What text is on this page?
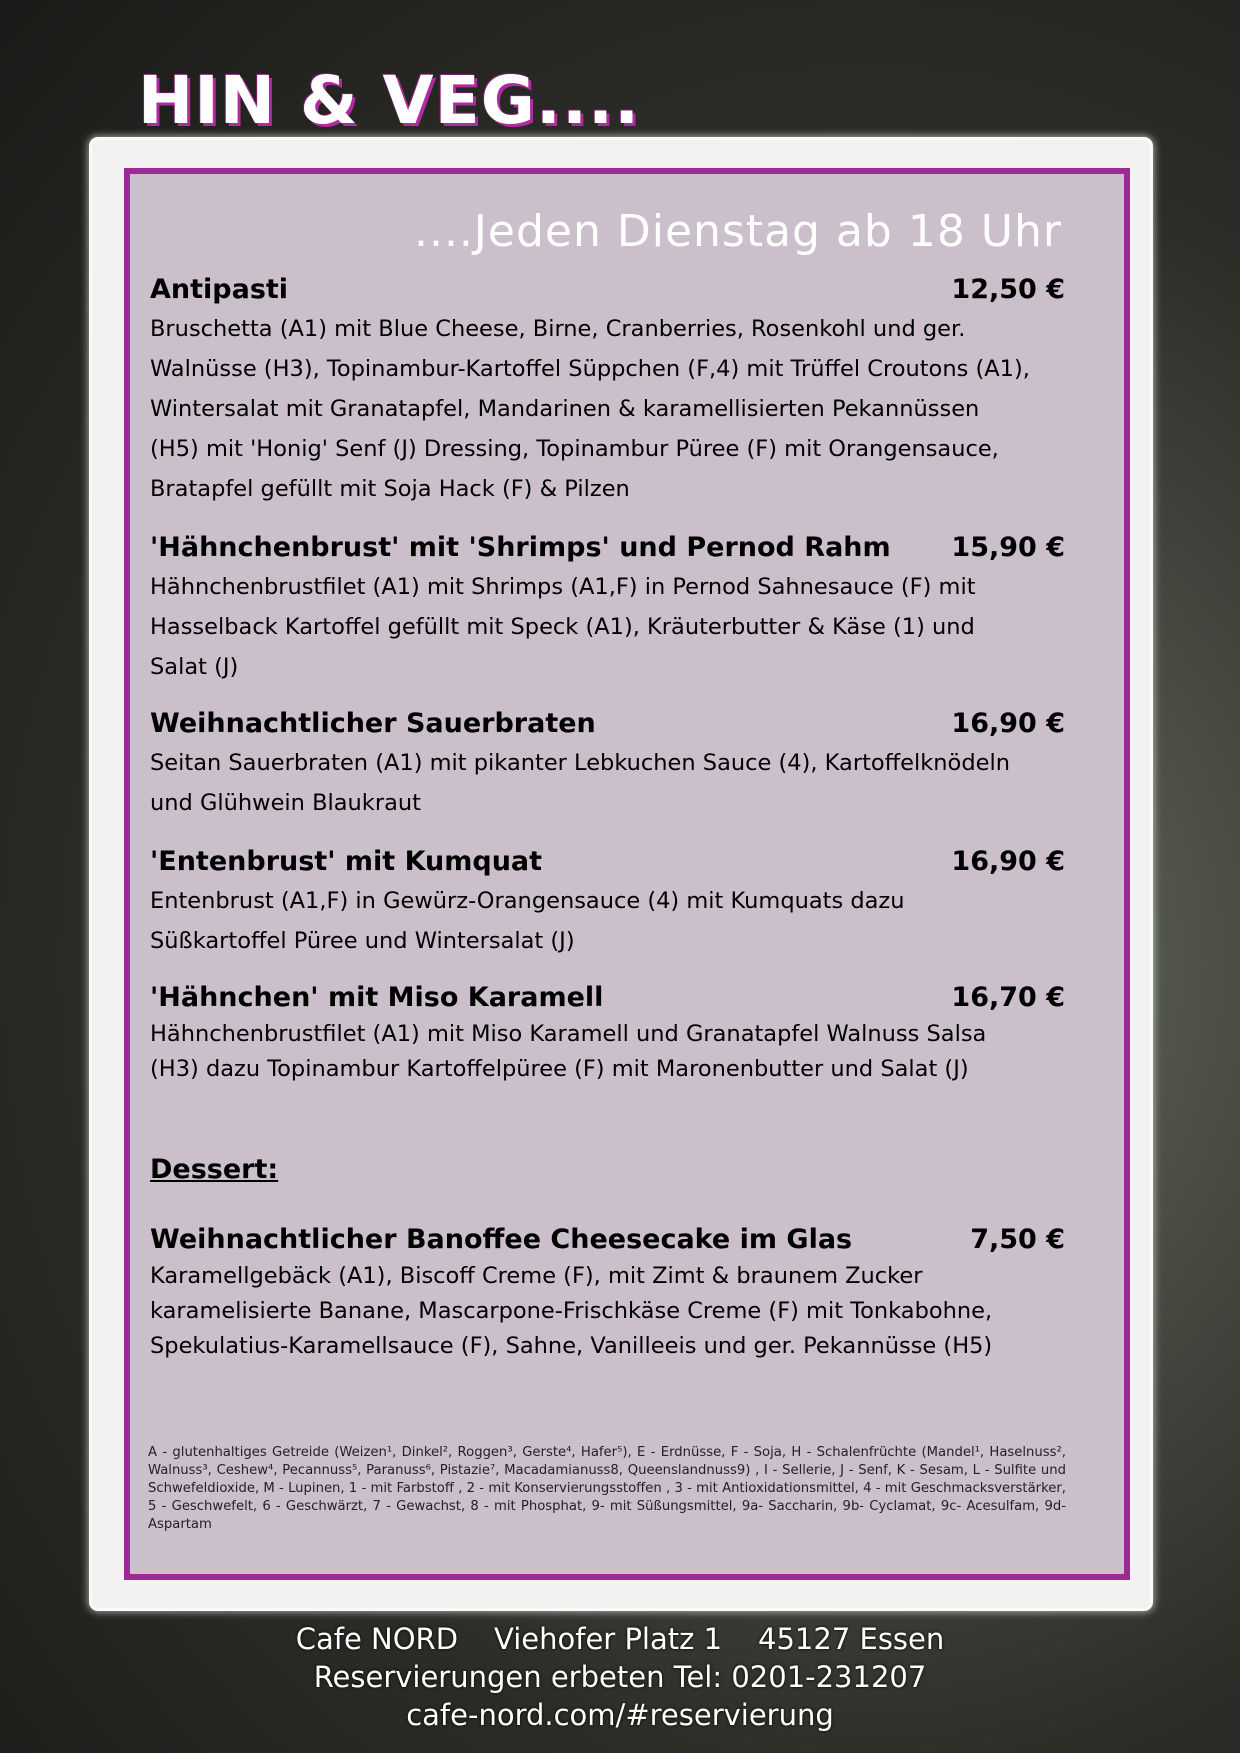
HIN & VEG....
....Jeden Dienstag ab 18 Uhr
Antipasti	12,50 €
Bruschetta (A1) mit Blue Cheese, Birne, Cranberries, Rosenkohl und ger. Walnüsse (H3), Topinambur-Kartoffel Süppchen (F,4) mit Trüffel Croutons (A1), Wintersalat mit Granatapfel, Mandarinen & karamellisierten Pekannüssen (H5) mit 'Honig' Senf (J) Dressing, Topinambur Püree (F) mit Orangensauce, Bratapfel gefüllt mit Soja Hack (F) & Pilzen
'Hähnchenbrust' mit 'Shrimps' und Pernod Rahm 15,90 €
Hähnchenbrustfilet (A1) mit Shrimps (A1,F) in Pernod Sahnesauce (F) mit Hasselback Kartoffel gefüllt mit Speck (A1), Kräuterbutter & Käse (1) und Salat (J)
Weihnachtlicher Sauerbraten	16,90 €
Seitan Sauerbraten (A1) mit pikanter Lebkuchen Sauce (4), Kartoffelknödeln und Glühwein Blaukraut
'Entenbrust' mit Kumquat	16,90 €
Entenbrust (A1,F) in Gewürz-Orangensauce (4) mit Kumquats dazu Süßkartoffel Püree und Wintersalat (J)
'Hähnchen' mit Miso Karamell	16,70 €
Hähnchenbrustfilet (A1) mit Miso Karamell und Granatapfel Walnuss Salsa (H3) dazu Topinambur Kartoffelpüree (F) mit Maronenbutter und Salat (J)
Dessert:
Weihnachtlicher Banoffee Cheesecake im Glas	7,50 €
Karamellgebäck (A1), Biscoff Creme (F), mit Zimt & braunem Zucker karamelisierte Banane, Mascarpone-Frischkäse Creme (F) mit Tonkabohne, Spekulatius-Karamellsauce (F), Sahne, Vanilleeis und ger. Pekannüsse (H5)
A - glutenhaltiges Getreide (Weizen¹, Dinkel², Roggen³, Gerste⁴, Hafer⁵), E - Erdnüsse, F - Soja, H - Schalenfrüchte (Mandel¹, Haselnuss², Walnuss³, Ceshew⁴, Pecannuss⁵, Paranuss⁶, Pistazie⁷, Macadamianuss8, Queenslandnuss9) , I - Sellerie, J - Senf, K - Sesam, L - Sulfite und Schwefeldioxide, M - Lupinen, 1 - mit Farbstoff , 2 - mit Konservierungsstoffen , 3 - mit Antioxidationsmittel, 4 - mit Geschmacksverstärker, 5 - Geschwefelt, 6 - Geschwärzt, 7 - Gewachst, 8 - mit Phosphat, 9- mit Süßungsmittel, 9a- Saccharin, 9b- Cyclamat, 9c- Acesulfam, 9d- Aspartam
Cafe NORD Viehofer Platz 1 45127 Essen
Reservierungen erbeten Tel: 0201-231207
cafe-nord.com/#reservierung
